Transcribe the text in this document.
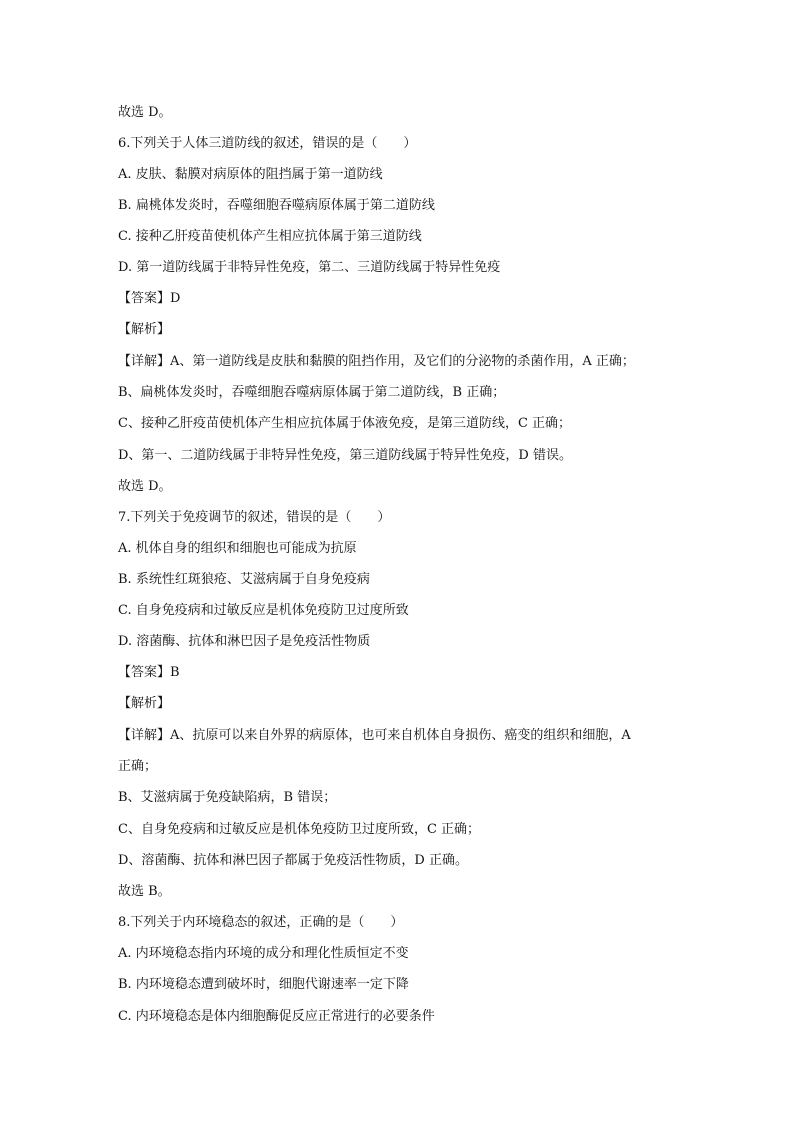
故选 D。
6.下列关于人体三道防线的叙述，错误的是（　　）
A. 皮肤、黏膜对病原体的阻挡属于第一道防线
B. 扁桃体发炎时，吞噬细胞吞噬病原体属于第二道防线
C. 接种乙肝疫苗使机体产生相应抗体属于第三道防线
D. 第一道防线属于非特异性免疫，第二、三道防线属于特异性免疫
【答案】D
【解析】
【详解】A、第一道防线是皮肤和黏膜的阻挡作用，及它们的分泌物的杀菌作用，A 正确；
B、扁桃体发炎时，吞噬细胞吞噬病原体属于第二道防线，B 正确；
C、接种乙肝疫苗使机体产生相应抗体属于体液免疫，是第三道防线，C 正确；
D、第一、二道防线属于非特异性免疫，第三道防线属于特异性免疫，D 错误。
故选 D。
7.下列关于免疫调节的叙述，错误的是（　　）
A. 机体自身的组织和细胞也可能成为抗原
B. 系统性红斑狼疮、艾滋病属于自身免疫病
C. 自身免疫病和过敏反应是机体免疫防卫过度所致
D. 溶菌酶、抗体和淋巴因子是免疫活性物质
【答案】B
【解析】
【详解】A、抗原可以来自外界的病原体，也可来自机体自身损伤、癌变的组织和细胞，A
正确；
B、艾滋病属于免疫缺陷病，B 错误；
C、自身免疫病和过敏反应是机体免疫防卫过度所致，C 正确；
D、溶菌酶、抗体和淋巴因子都属于免疫活性物质，D 正确。
故选 B。
8.下列关于内环境稳态的叙述，正确的是（　　）
A. 内环境稳态指内环境的成分和理化性质恒定不变
B. 内环境稳态遭到破坏时，细胞代谢速率一定下降
C. 内环境稳态是体内细胞酶促反应正常进行的必要条件
